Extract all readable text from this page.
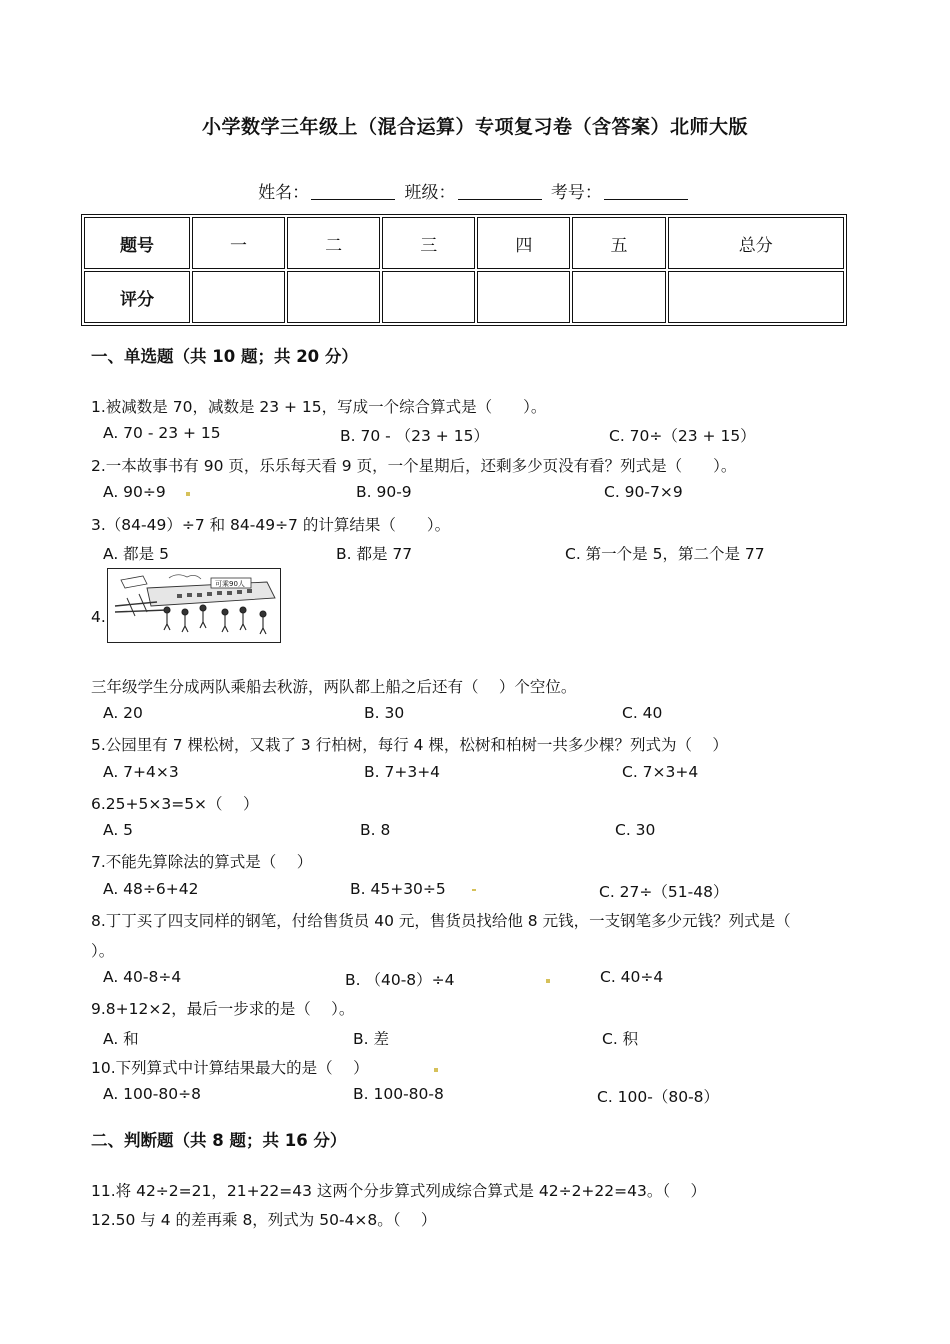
小学数学三年级上（混合运算）专项复习卷（含答案）北师大版
姓名：	班级：	考号：
题号	一	二	三	四	五	总分
评分						
一、单选题（共 10 题；共 20 分）
1.被减数是 70，减数是 23 + 15，写成一个综合算式是（　　）。
A. 70 - 23 + 15	B. 70 - （23 + 15）	C. 70÷（23 + 15）
2.一本故事书有 90 页，乐乐每天看 9 页，一个星期后，还剩多少页没有看？列式是（　　）。
A. 90÷9	B. 90-9	C. 90-7×9
3.（84-49）÷7 和 84-49÷7 的计算结果（　　）。
A. 都是 5	B. 都是 77	C. 第一个是 5，第二个是 77
4.
可乘90人
三年级学生分成两队乘船去秋游，两队都上船之后还有（　 ）个空位。
A. 20	B. 30	C. 40
5.公园里有 7 棵松树，又栽了 3 行柏树，每行 4 棵，松树和柏树一共多少棵？列式为（　 ）
A. 7+4×3	B. 7+3+4	C. 7×3+4
6.25+5×3=5×（　 ）
A. 5	B. 8	C. 30
7.不能先算除法的算式是（　 ）
A. 48÷6+42	B. 45+30÷5	C. 27÷（51-48）
8.丁丁买了四支同样的钢笔，付给售货员 40 元，售货员找给他 8 元钱，一支钢笔多少元钱？列式是（
）。
A. 40-8÷4	B. （40-8）÷4	C. 40÷4
9.8+12×2，最后一步求的是（　 ）。
A. 和	B. 差	C. 积
10.下列算式中计算结果最大的是（　 ）
A. 100-80÷8	B. 100-80-8	C. 100-（80-8）
二、判断题（共 8 题；共 16 分）
11.将 42÷2=21，21+22=43 这两个分步算式列成综合算式是 42÷2+22=43。（　 ）
12.50 与 4 的差再乘 8，列式为 50-4×8。（　 ）
